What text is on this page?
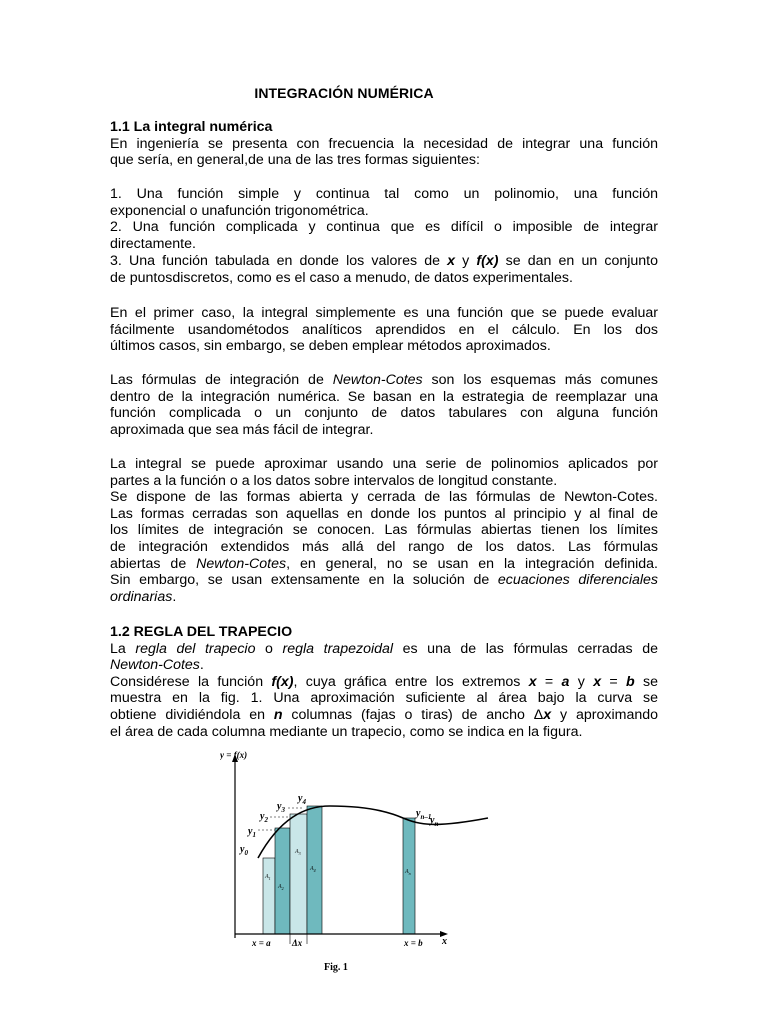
INTEGRACIÓN NUMÉRICA
1.1 La integral numérica
En ingeniería se presenta con frecuencia la necesidad de integrar una función
que sería, en general,de una de las tres formas siguientes:
1. Una función simple y continua tal como un polinomio, una función
exponencial o unafunción trigonométrica.
2. Una función complicada y continua que es difícil o imposible de integrar
directamente.
3. Una función tabulada en donde los valores de x y f(x) se dan en un conjunto
de puntosdiscretos, como es el caso a menudo, de datos experimentales.
En el primer caso, la integral simplemente es una función que se puede evaluar
fácilmente usandométodos analíticos aprendidos en el cálculo. En los dos
últimos casos, sin embargo, se deben emplear métodos aproximados.
Las fórmulas de integración de Newton-Cotes son los esquemas más comunes
dentro de la integración numérica. Se basan en la estrategia de reemplazar una
función complicada o un conjunto de datos tabulares con alguna función
aproximada que sea más fácil de integrar.
La integral se puede aproximar usando una serie de polinomios aplicados por
partes a la función o a los datos sobre intervalos de longitud constante.
Se dispone de las formas abierta y cerrada de las fórmulas de Newton-Cotes.
Las formas cerradas son aquellas en donde los puntos al principio y al final de
los límites de integración se conocen. Las fórmulas abiertas tienen los límites
de integración extendidos más allá del rango de los datos. Las fórmulas
abiertas de Newton-Cotes, en general, no se usan en la integración definida.
Sin embargo, se usan extensamente en la solución de ecuaciones diferenciales
ordinarias.
1.2 REGLA DEL TRAPECIO
La regla del trapecio o regla trapezoidal es una de las fórmulas cerradas de
Newton-Cotes.
Considérese la función f(x), cuya gráfica entre los extremos x = a y x = b se
muestra en la fig. 1. Una aproximación suficiente al área bajo la curva se
obtiene dividiéndola en n columnas (fajas o tiras) de ancho Δx y aproximando
el área de cada columna mediante un trapecio, como se indica en la figura.
y = f(x)
$y_0$
$y_1$
$y_2$
$y_3$
$y_4$
$y_{n-1}$
$y_n$
$A_1$
$A_2$
$A_3$
$A_4$	$A_n$
x = a Δx	x = b x
Fig. 1
